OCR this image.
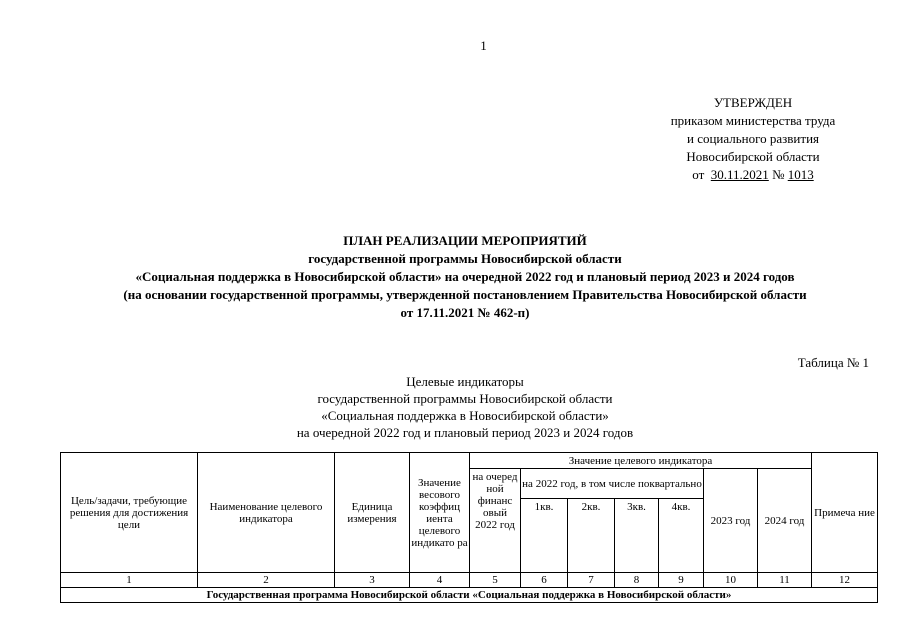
1
УТВЕРЖДЕН
приказом министерства труда
и социального развития
Новосибирской области
от 30.11.2021 № 1013
ПЛАН РЕАЛИЗАЦИИ МЕРОПРИЯТИЙ
государственной программы Новосибирской области
«Социальная поддержка в Новосибирской области» на очередной 2022 год и плановый период 2023 и 2024 годов
(на основании государственной программы, утвержденной постановлением Правительства Новосибирской области
от 17.11.2021 № 462-п)
Таблица № 1
Целевые индикаторы
государственной программы Новосибирской области
«Социальная поддержка в Новосибирской области»
на очередной 2022 год и плановый период 2023 и 2024 годов
Цель/задачи, требующие решения для достижения цели	Наименование целевого индикатора	Единица измерения	Значение весового коэффиц иента целевого индикато ра	Значение целевого индикатора							Примеча ние
				на очеред ной финанс овый 2022 год	на 2022 год, в том числе поквартально				2023 год	2024 год	
					1кв.	2кв.	3кв.	4кв.			
1	2	3	4	5	6	7	8	9	10	11	12
Государственная программа Новосибирской области «Социальная поддержка в Новосибирской области»											
